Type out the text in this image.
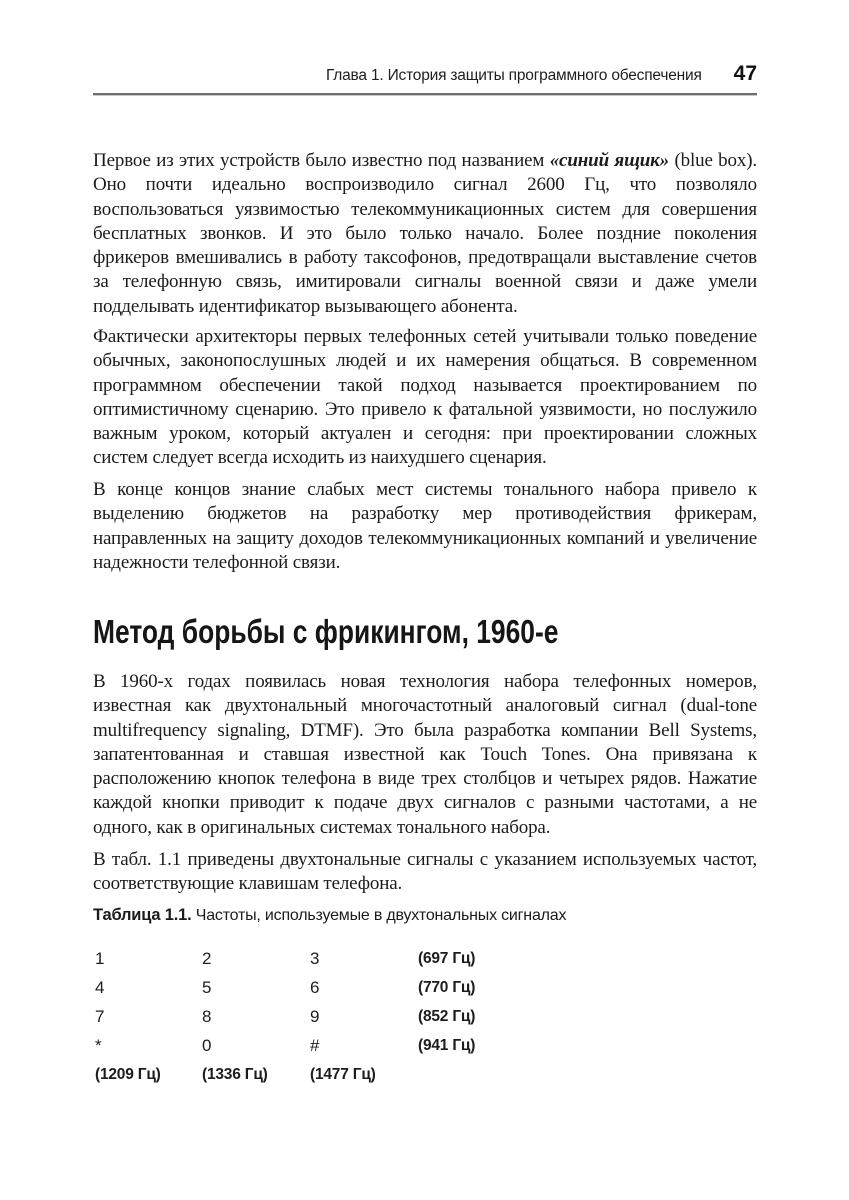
Глава 1. История защиты программного обеспечения 47

Первое из этих устройств было известно под названием «синий ящик» (blue box). Оно почти идеально воспроизводило сигнал 2600 Гц, что позволяло воспользоваться уязвимостью телекоммуникационных систем для совершения бесплатных звонков. И это было только начало. Более поздние поколения фрикеров вмешивались в работу таксофонов, предотвращали выставление счетов за телефонную связь, имитировали сигналы военной связи и даже умели подделывать идентификатор вызывающего абонента.

Фактически архитекторы первых телефонных сетей учитывали только поведение обычных, законопослушных людей и их намерения общаться. В современном программном обеспечении такой подход называется проектированием по оптимистичному сценарию. Это привело к фатальной уязвимости, но послужило важным уроком, который актуален и сегодня: при проектировании сложных систем следует всегда исходить из наихудшего сценария.

В конце концов знание слабых мест системы тонального набора привело к выделению бюджетов на разработку мер противодействия фрикерам, направленных на защиту доходов телекоммуникационных компаний и увеличение надежности телефонной связи.

Метод борьбы с фрикингом, 1960-е

В 1960-х годах появилась новая технология набора телефонных номеров, известная как двухтональный многочастотный аналоговый сигнал (dual-tone multifrequency signaling, DTMF). Это была разработка компании Bell Systems, запатентованная и ставшая известной как Touch Tones. Она привязана к расположению кнопок телефона в виде трех столбцов и четырех рядов. Нажатие каждой кнопки приводит к подаче двух сигналов с разными частотами, а не одного, как в оригинальных системах тонального набора.

В табл. 1.1 приведены двухтональные сигналы с указанием используемых частот, соответствующие клавишам телефона.

Таблица 1.1. Частоты, используемые в двухтональных сигналах
1	2	3	(697 Гц)
4	5	6	(770 Гц)
7	8	9	(852 Гц)
*	0	#	(941 Гц)
(1209 Гц)	(1336 Гц)	(1477 Гц)
